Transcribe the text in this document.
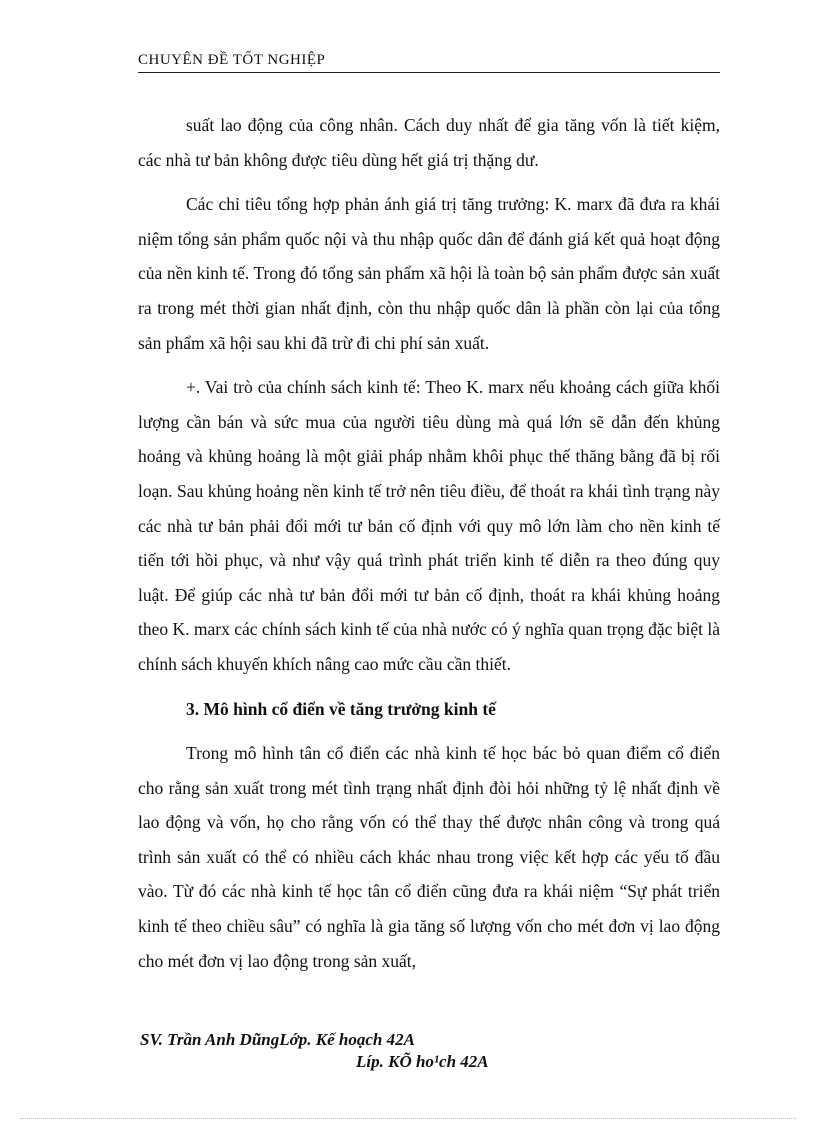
CHUYÊN ĐỀ TỐT NGHIỆP

suất lao động của công nhân. Cách duy nhất để gia tăng vốn là tiết kiệm, các nhà tư bản không được tiêu dùng hết giá trị thặng dư.

Các chỉ tiêu tổng hợp phản ánh giá trị tăng trưởng: K. marx đã đưa ra khái niệm tổng sản phẩm quốc nội và thu nhập quốc dân để đánh giá kết quả hoạt động của nền kinh tế. Trong đó tổng sản phẩm xã hội là toàn bộ sản phẩm được sản xuất ra trong mét thời gian nhất định, còn thu nhập quốc dân là phần còn lại của tổng sản phẩm xã hội sau khi đã trừ đi chi phí sản xuất.

+. Vai trò của chính sách kinh tế: Theo K. marx nếu khoảng cách giữa khối lượng cần bán và sức mua của người tiêu dùng mà quá lớn sẽ dẫn đến khủng hoảng và khủng hoảng là một giải pháp nhằm khôi phục thế thăng bằng đã bị rối loạn. Sau khủng hoảng nền kinh tế trở nên tiêu điều, để thoát ra khái tình trạng này các nhà tư bản phải đổi mới tư bản cố định với quy mô lớn làm cho nền kinh tế tiến tới hồi phục, và như vậy quá trình phát triển kinh tế diễn ra theo đúng quy luật. Để giúp các nhà tư bản đổi mới tư bản cố định, thoát ra khái khủng hoảng theo K. marx các chính sách kinh tế của nhà nước có ý nghĩa quan trọng đặc biệt là chính sách khuyến khích nâng cao mức cầu cần thiết.

3. Mô hình cổ điển về tăng trưởng kinh tế

Trong mô hình tân cổ điển các nhà kinh tế học bác bỏ quan điểm cổ điển cho rằng sản xuất trong mét tình trạng nhất định đòi hỏi những tỷ lệ nhất định về lao động và vốn, họ cho rằng vốn có thể thay thế được nhân công và trong quá trình sản xuất có thể có nhiều cách khác nhau trong việc kết hợp các yếu tố đầu vào. Từ đó các nhà kinh tế học tân cổ điển cũng đưa ra khái niệm “Sự phát triển kinh tế theo chiều sâu” có nghĩa là gia tăng số lượng vốn cho mét đơn vị lao động cho mét đơn vị lao động trong sản xuất,

SV. Trần Anh DũngLớp. Kế hoạch 42A
Líp. KÕ ho¹ch 42A
